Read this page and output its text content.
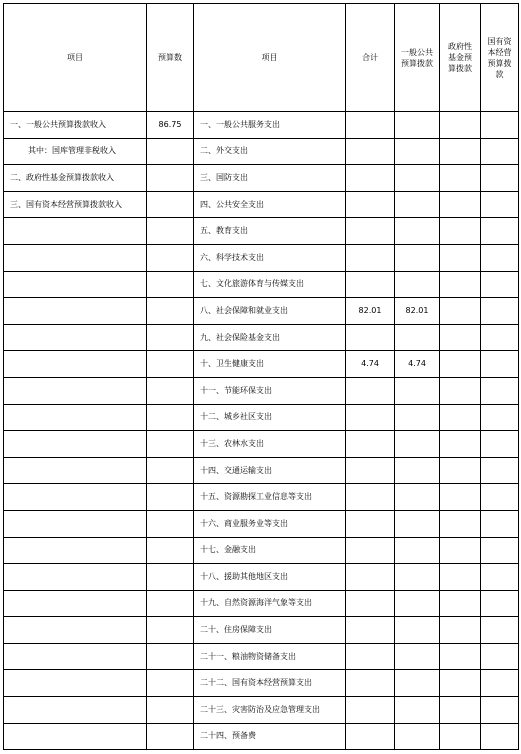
项目	预算数	项目	合计	一般公共预算拨款	政府性基金预算拨款	国有资本经营预算拨款
一、一般公共预算拨款收入	86.75	一、一般公共服务支出				
其中：国库管理非税收入		二、外交支出				
二、政府性基金预算拨款收入		三、国防支出				
三、国有资本经营预算拨款收入		四、公共安全支出				
		五、教育支出				
		六、科学技术支出				
		七、文化旅游体育与传媒支出				
		八、社会保障和就业支出	82.01	82.01		
		九、社会保险基金支出				
		十、卫生健康支出	4.74	4.74		
		十一、节能环保支出				
		十二、城乡社区支出				
		十三、农林水支出				
		十四、交通运输支出				
		十五、资源勘探工业信息等支出				
		十六、商业服务业等支出				
		十七、金融支出				
		十八、援助其他地区支出				
		十九、自然资源海洋气象等支出				
		二十、住房保障支出				
		二十一、粮油物资储备支出				
		二十二、国有资本经营预算支出				
		二十三、灾害防治及应急管理支出				
		二十四、预备费				
